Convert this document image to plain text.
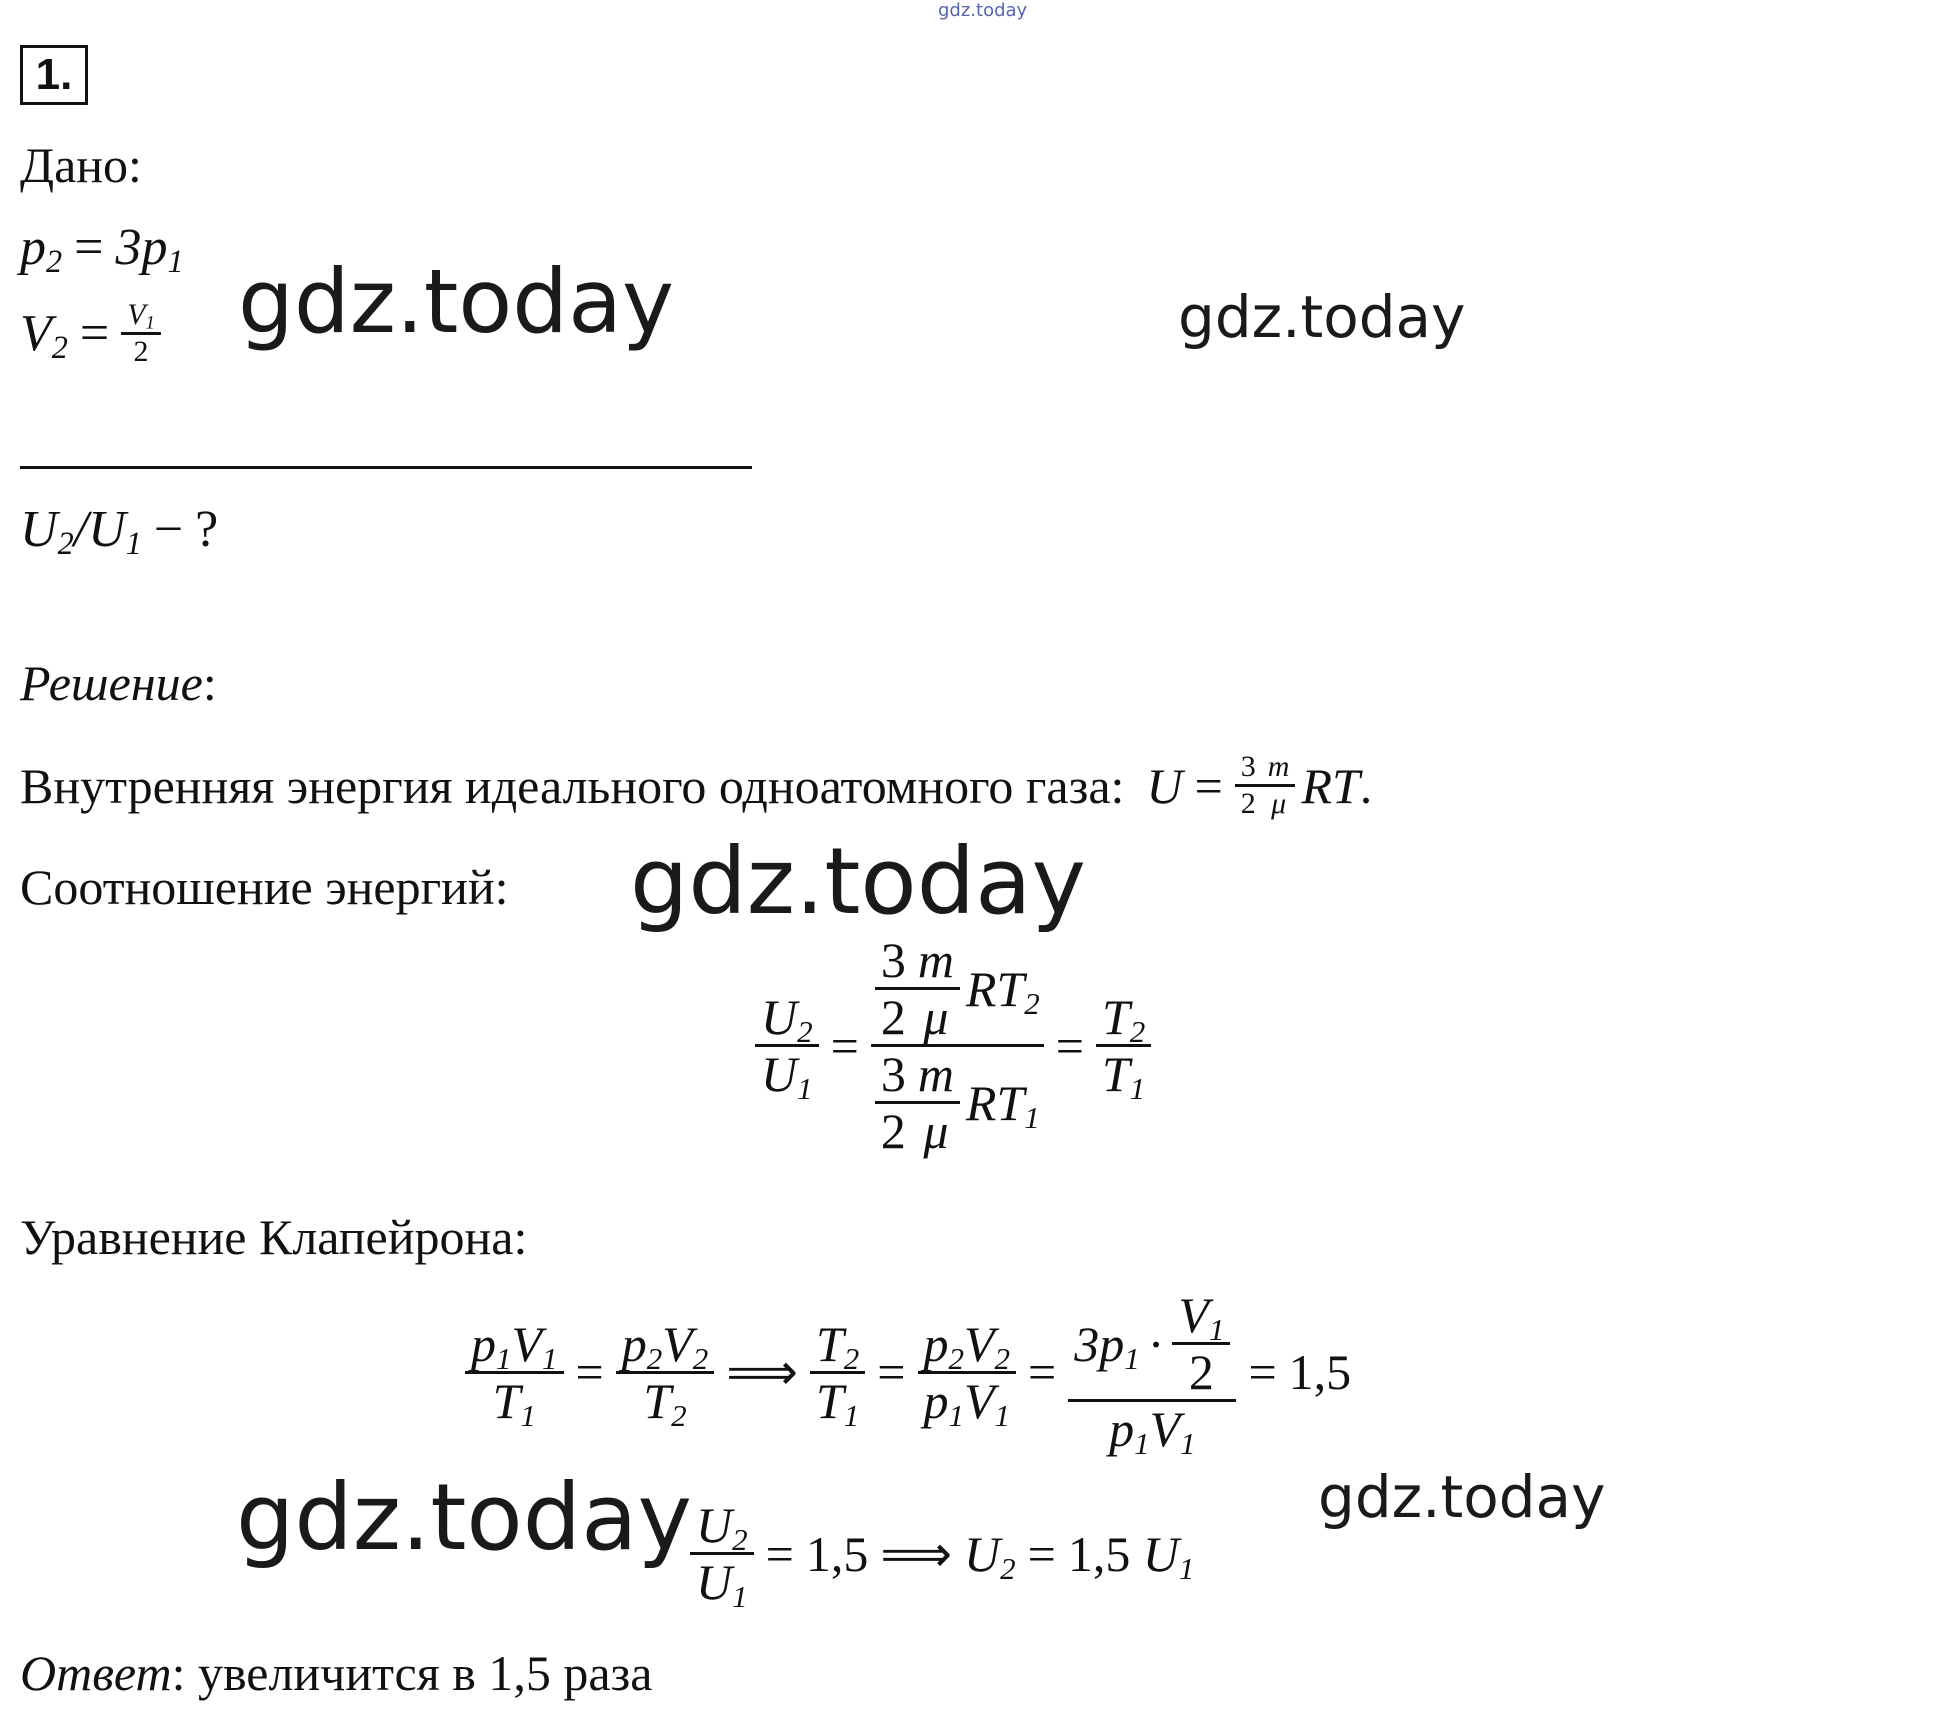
gdz.today
1.
Дано:
$p_2 = 3p_1$
$V_2 = \frac{V_1}{2}$ gdz.today	gdz.today
$U_2/U_1$ − ?
Решение:
Внутренняя энергия идеального одноатомного газа: $U = \frac{3}{2} \frac{m}{\mu}$ RT .
Соотношение энергий: gdz.today
$\frac{U_2}{U_1} = \frac{\frac{3}{2} \frac{m}{\mu} RT_2}{\frac{3}{2} \frac{m}{\mu} RT_1} = \frac{T_2}{T_1}$
Уравнение Клапейрона:
$\frac{p_1V_1}{T_1} = \frac{p_2V_2}{T_2}$ ⟹ $\frac{T_2}{T_1} = \frac{p_2V_2}{p_1V_1} = \frac{3p_1 \cdot \frac{V_1}{2}}{p_1V_1} = 1,5$
gdz.today	gdz.today
$\frac{U_2}{U_1} = 1,5$ ⟹ $U_2 = 1,5$ $U_1$
Ответ: увеличится в 1,5 раза
